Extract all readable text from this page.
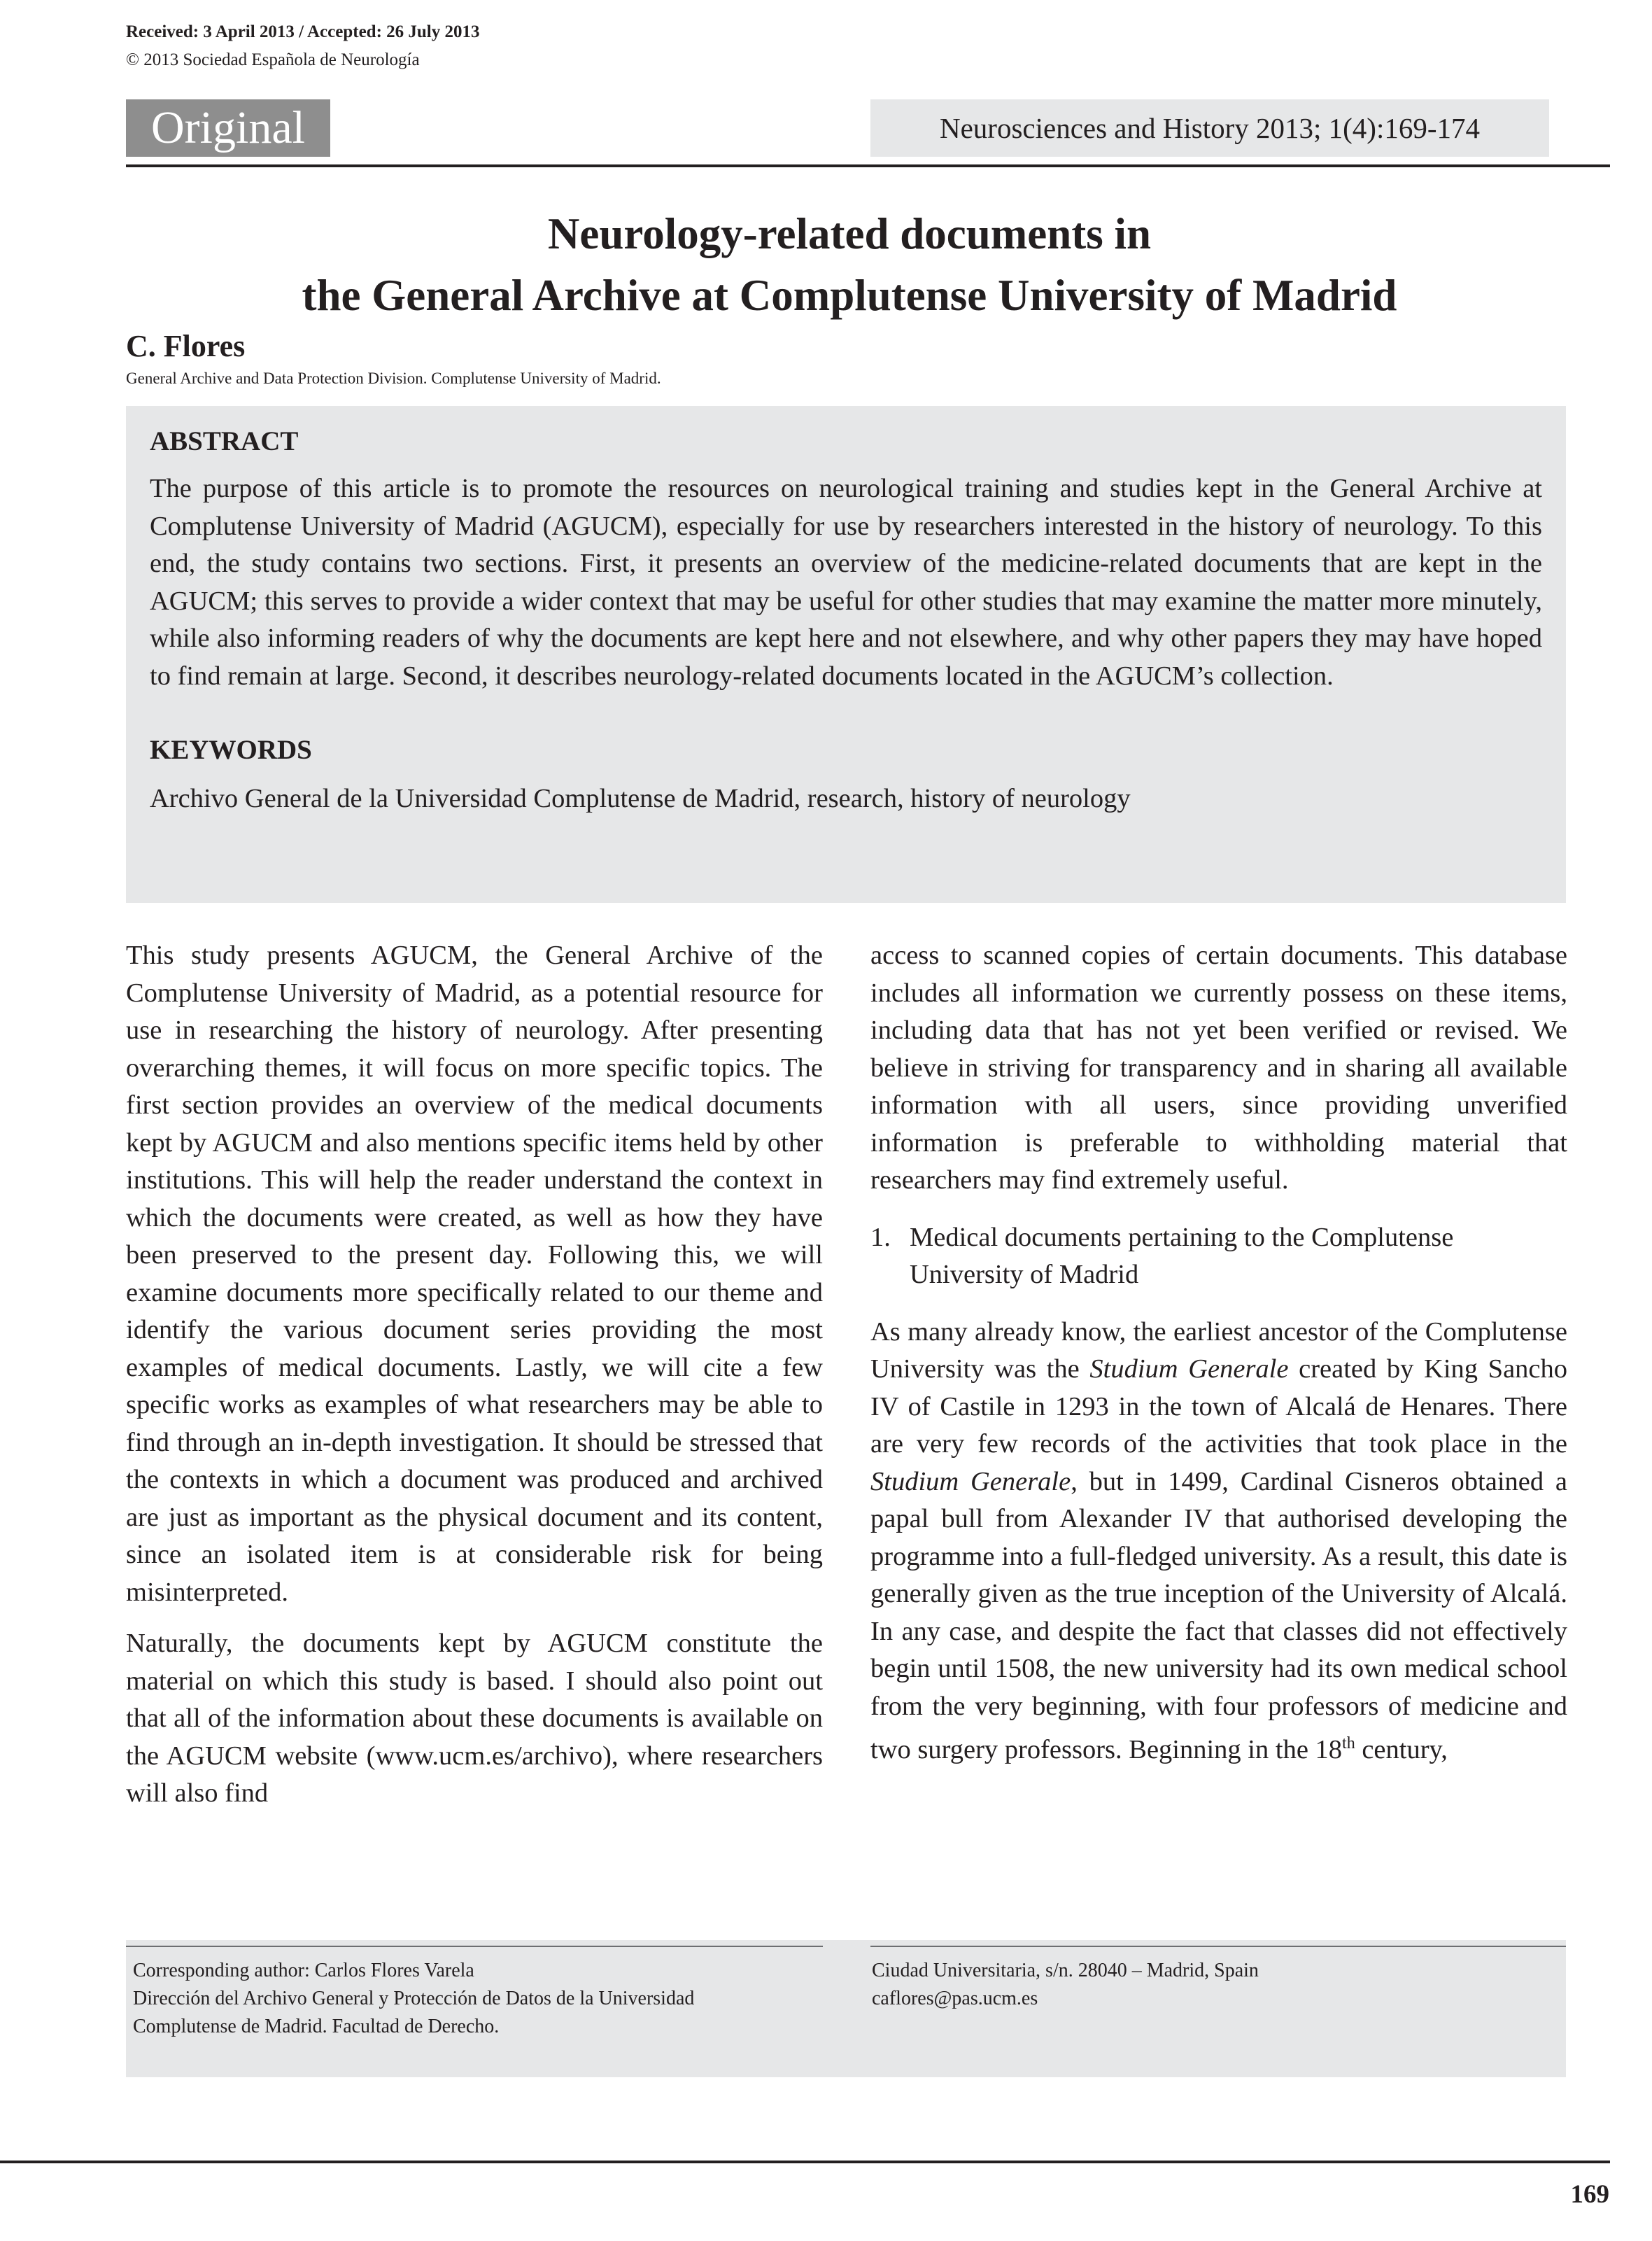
Received: 3 April 2013 / Accepted: 26 July 2013
© 2013 Sociedad Española de Neurología
Original	Neurosciences and History 2013; 1(4):169-174
Neurology-related documents in
the General Archive at Complutense University of Madrid
C. Flores
General Archive and Data Protection Division. Complutense University of Madrid.
ABSTRACT
The purpose of this article is to promote the resources on neurological training and studies kept in the General Archive at Complutense University of Madrid (AGUCM), especially for use by researchers interested in the history of neurology. To this end, the study contains two sections. First, it presents an overview of the medicine-related documents that are kept in the AGUCM; this serves to provide a wider context that may be useful for other studies that may examine the matter more minutely, while also informing readers of why the documents are kept here and not elsewhere, and why other papers they may have hoped to find remain at large. Second, it describes neurology-related documents located in the AGUCM’s collection.
KEYWORDS
Archivo General de la Universidad Complutense de Madrid, research, history of neurology

This study presents AGUCM, the General Archive of the Complutense University of Madrid, as a potential resource for use in researching the history of neurology. After presenting overarching themes, it will focus on more specific topics. The first section provides an overview of the medical documents kept by AGUCM and also mentions specific items held by other institutions. This will help the reader understand the context in which the documents were created, as well as how they have been preserved to the present day. Following this, we will examine documents more specifically related to our theme and identify the various document series providing the most examples of medical documents. Lastly, we will cite a few specific works as examples of what researchers may be able to find through an in-depth investigation. It should be stressed that the contexts in which a document was produced and archived are just as important as the physical document and its content, since an isolated item is at considerable risk for being misinterpreted.

Naturally, the documents kept by AGUCM constitute the material on which this study is based. I should also point out that all of the information about these documents is available on the AGUCM website (www.ucm.es/archivo), where researchers will also find

access to scanned copies of certain documents. This database includes all information we currently possess on these items, including data that has not yet been verified or revised. We believe in striving for transparency and in sharing all available information with all users, since providing unverified information is preferable to withholding material that researchers may find extremely useful.

1. Medical documents pertaining to the Complutense University of Madrid

As many already know, the earliest ancestor of the Complutense University was the Studium Generale created by King Sancho IV of Castile in 1293 in the town of Alcalá de Henares. There are very few records of the activities that took place in the Studium Generale, but in 1499, Cardinal Cisneros obtained a papal bull from Alexander IV that authorised developing the programme into a full-fledged university. As a result, this date is generally given as the true inception of the University of Alcalá. In any case, and despite the fact that classes did not effectively begin until 1508, the new university had its own medical school from the very beginning, with four professors of medicine and two surgery professors. Beginning in the 18th century,

Corresponding author: Carlos Flores Varela
Dirección del Archivo General y Protección de Datos de la Universidad
Complutense de Madrid. Facultad de Derecho.
Ciudad Universitaria, s/n. 28040 – Madrid, Spain
caflores@pas.ucm.es
169
